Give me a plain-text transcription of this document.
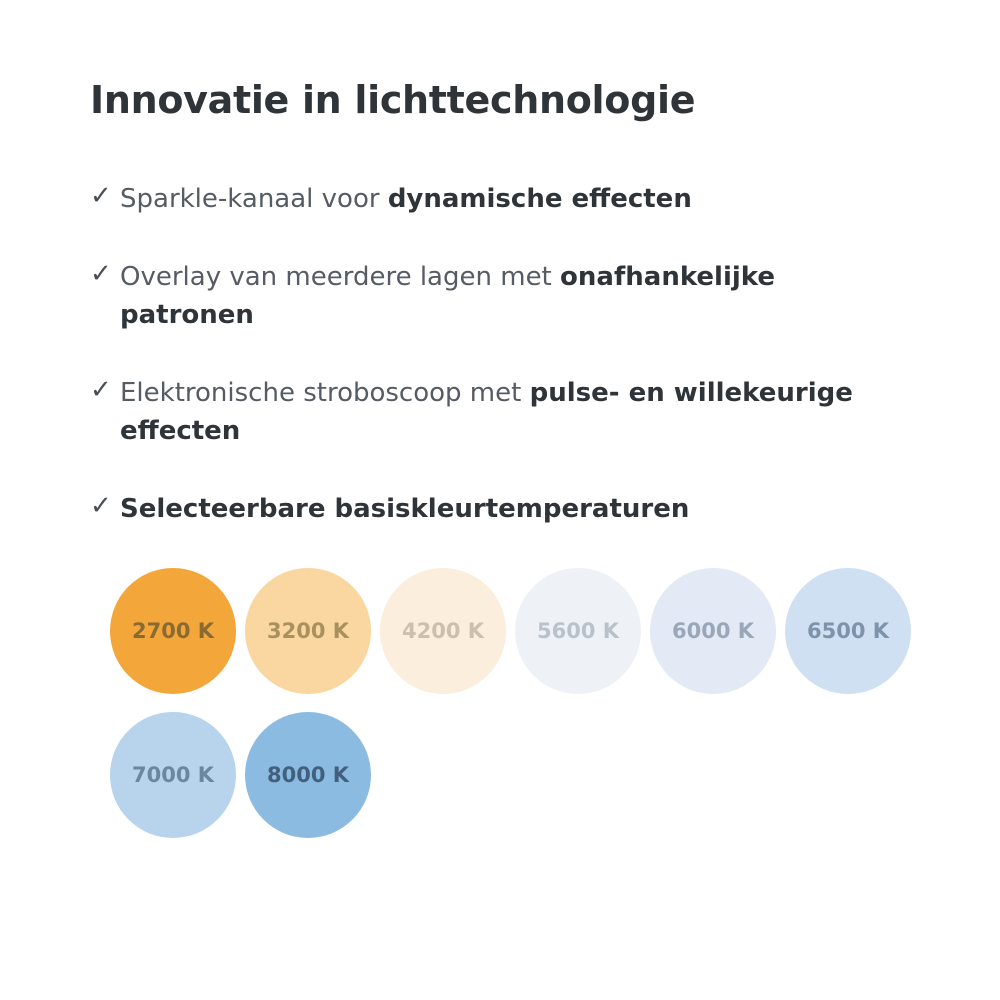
Innovatie in lichttechnologie
✓ Sparkle-kanaal voor dynamische effecten
✓ Overlay van meerdere lagen met onafhankelijke patronen
✓ Elektronische stroboscoop met pulse- en willekeurige effecten
✓ Selecteerbare basiskleurtemperaturen
2700 K	3200 K	4200 K	5600 K	6000 K	6500 K
7000 K	8000 K
